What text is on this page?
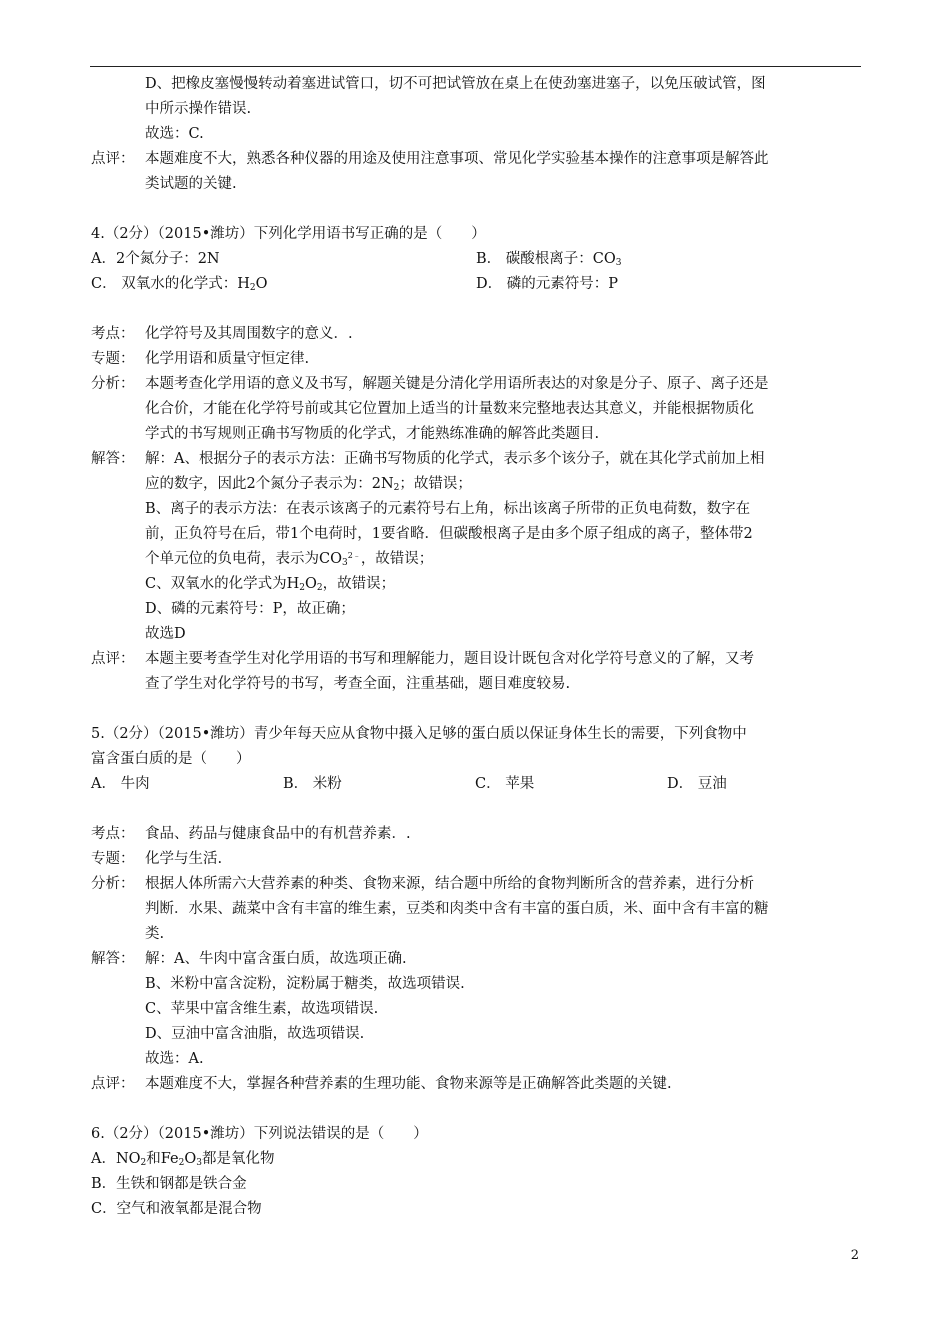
D、把橡皮塞慢慢转动着塞进试管口，切不可把试管放在桌上在使劲塞进塞子，以免压破试管，图
中所示操作错误.
故选：C.
点评： 本题难度不大，熟悉各种仪器的用途及使用注意事项、常见化学实验基本操作的注意事项是解答此
类试题的关键.
4.（2分）（2015•潍坊）下列化学用语书写正确的是（　　）
A．2个氮分子：2N	B． 碳酸根离子：$CO_3$
C． 双氧水的化学式：$H_2O$	D． 磷的元素符号：P
考点： 化学符号及其周围数字的意义．.
专题： 化学用语和质量守恒定律.
分析： 本题考查化学用语的意义及书写，解题关键是分清化学用语所表达的对象是分子、原子、离子还是
化合价，才能在化学符号前或其它位置加上适当的计量数来完整地表达其意义，并能根据物质化
学式的书写规则正确书写物质的化学式，才能熟练准确的解答此类题目.
解答： 解：A、根据分子的表示方法：正确书写物质的化学式，表示多个该分子，就在其化学式前加上相
应的数字，因此2个氮分子表示为：$2N_2$；故错误；
B、离子的表示方法：在表示该离子的元素符号右上角，标出该离子所带的正负电荷数，数字在
前，正负符号在后，带1个电荷时，1要省略．但碳酸根离子是由多个原子组成的离子，整体带2
个单元位的负电荷，表示为$CO_3^{2﹣}$，故错误；
C、双氧水的化学式为$H_2O_2$，故错误；
D、磷的元素符号：P，故正确；
故选D
点评： 本题主要考查学生对化学用语的书写和理解能力，题目设计既包含对化学符号意义的了解，又考
查了学生对化学符号的书写，考查全面，注重基础，题目难度较易.
5.（2分）（2015•潍坊）青少年每天应从食物中摄入足够的蛋白质以保证身体生长的需要，下列食物中
富含蛋白质的是（　　）
A． 牛肉	B． 米粉	C． 苹果	D． 豆油
考点： 食品、药品与健康食品中的有机营养素．.
专题： 化学与生活.
分析： 根据人体所需六大营养素的种类、食物来源，结合题中所给的食物判断所含的营养素，进行分析
判断．水果、蔬菜中含有丰富的维生素，豆类和肉类中含有丰富的蛋白质，米、面中含有丰富的糖
类.
解答： 解：A、牛肉中富含蛋白质，故选项正确.
B、米粉中富含淀粉，淀粉属于糖类，故选项错误.
C、苹果中富含维生素，故选项错误.
D、豆油中富含油脂，故选项错误.
故选：A.
点评： 本题难度不大，掌握各种营养素的生理功能、食物来源等是正确解答此类题的关键.
6.（2分）（2015•潍坊）下列说法错误的是（　　）
A．$NO_2$和$Fe_2O_3$都是氧化物
B．生铁和钢都是铁合金
C．空气和液氧都是混合物
2
